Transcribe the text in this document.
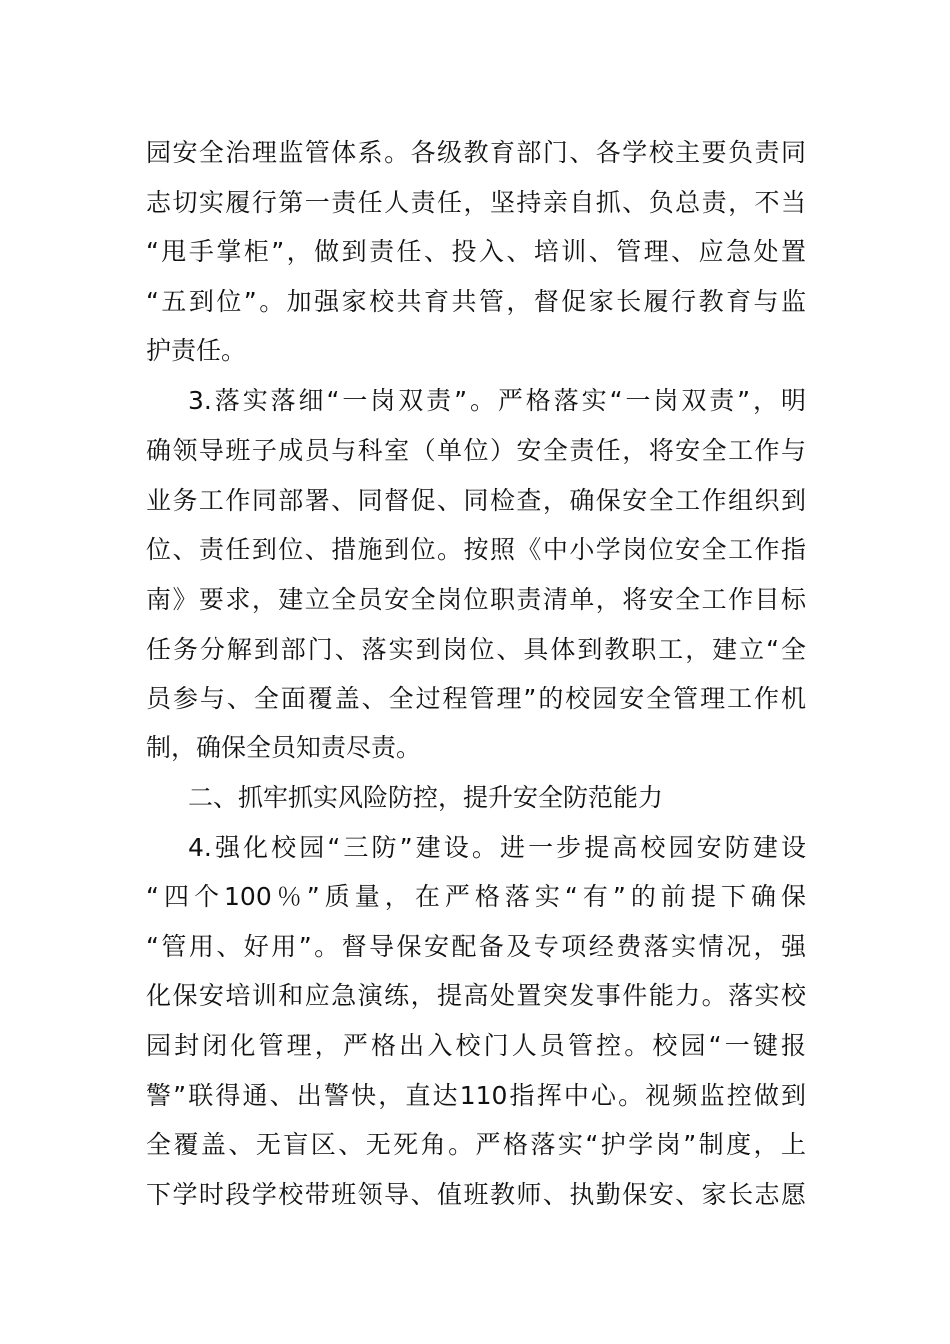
园安全治理监管体系。各级教育部门、各学校主要负责同
志切实履行第一责任人责任，坚持亲自抓、负总责，不当
“甩手掌柜”，做到责任、投入、培训、管理、应急处置
“五到位”。加强家校共育共管，督促家长履行教育与监
护责任。
3.落实落细“一岗双责”。严格落实“一岗双责”，明
确领导班子成员与科室（单位）安全责任，将安全工作与
业务工作同部署、同督促、同检查，确保安全工作组织到
位、责任到位、措施到位。按照《中小学岗位安全工作指
南》要求，建立全员安全岗位职责清单，将安全工作目标
任务分解到部门、落实到岗位、具体到教职工，建立“全
员参与、全面覆盖、全过程管理”的校园安全管理工作机
制，确保全员知责尽责。
二、抓牢抓实风险防控，提升安全防范能力
4.强化校园“三防”建设。进一步提高校园安防建设
“四个100％”质量，在严格落实“有”的前提下确保
“管用、好用”。督导保安配备及专项经费落实情况，强
化保安培训和应急演练，提高处置突发事件能力。落实校
园封闭化管理，严格出入校门人员管控。校园“一键报
警”联得通、出警快，直达110指挥中心。视频监控做到
全覆盖、无盲区、无死角。严格落实“护学岗”制度，上
下学时段学校带班领导、值班教师、执勤保安、家长志愿
